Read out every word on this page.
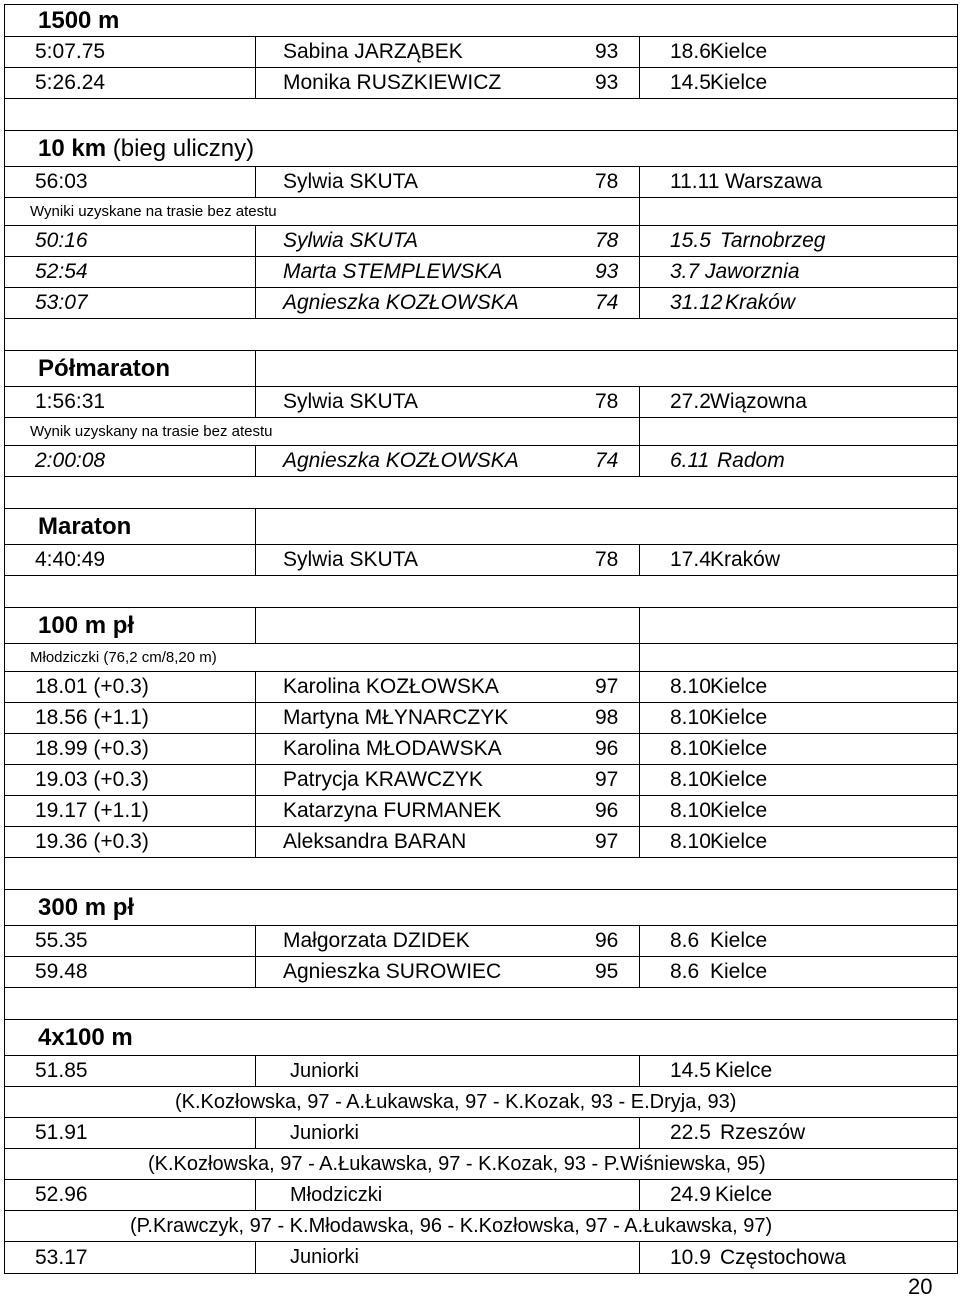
1500 m
5:07.75	Sabina JARZĄBEK	93 18.6 Kielce
5:26.24	Monika RUSZKIEWICZ	93 14.5 Kielce
10 km
(bieg uliczny)
56:03	Sylwia SKUTA	78 11.11 Warszawa
Wyniki uzyskane na trasie bez atestu
50:16	Sylwia SKUTA	78 15.5 Tarnobrzeg
52:54	Marta STEMPLEWSKA	93 3.7 Jaworznia
53:07	Agnieszka KOZŁOWSKA	74 31.12 Kraków
Półmaraton
1:56:31	Sylwia SKUTA	78 27.2 Wiązowna
Wynik uzyskany na trasie bez atestu
2:00:08	Agnieszka KOZŁOWSKA	74 6.11 Radom
Maraton
4:40:49	Sylwia SKUTA	78 17.4 Kraków
100 m pł
Młodziczki (76,2 cm/8,20 m)
18.01 (+0.3)	Karolina KOZŁOWSKA	97 8.10 Kielce
18.56 (+1.1)	Martyna MŁYNARCZYK	98 8.10 Kielce
18.99 (+0.3)	Karolina MŁODAWSKA	96 8.10 Kielce
19.03 (+0.3)	Patrycja KRAWCZYK	97 8.10 Kielce
19.17 (+1.1)	Katarzyna FURMANEK	96 8.10 Kielce
19.36 (+0.3)	Aleksandra BARAN	97 8.10 Kielce
300 m pł
55.35	Małgorzata DZIDEK	96 8.6 Kielce
59.48	Agnieszka SUROWIEC	95 8.6 Kielce
4x100 m
51.85	Juniorki	14.5 Kielce
(K.Kozłowska, 97 - A.Łukawska, 97 - K.Kozak, 93 - E.Dryja, 93)
51.91	Juniorki	22.5 Rzeszów
(K.Kozłowska, 97 - A.Łukawska, 97 - K.Kozak, 93 - P.Wiśniewska, 95)
52.96	Młodziczki	24.9 Kielce
(P.Krawczyk, 97 - K.Młodawska, 96 - K.Kozłowska, 97 - A.Łukawska, 97)
53.17	Juniorki	10.9 Częstochowa
20
